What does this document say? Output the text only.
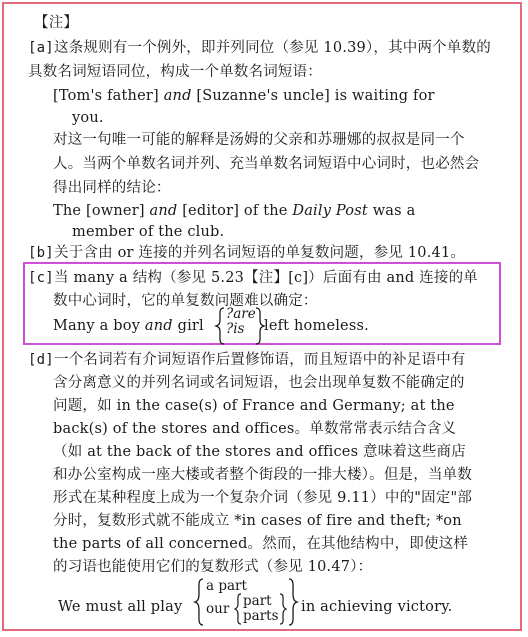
【注】
[a] 这条规则有一个例外，即并列同位（参见 10.39），其中两个单数的
具数名词短语同位，构成一个单数名词短语：
[Tom's father] and [Suzanne's uncle] is waiting for
you.
对这一句唯一可能的解释是汤姆的父亲和苏珊娜的叔叔是同一个
人。当两个单数名词并列、充当单数名词短语中心词时，也必然会
得出同样的结论：
The [owner] and [editor] of the Daily Post was a
member of the club.
[b] 关于含由 or 连接的并列名词短语的单复数问题，参见 10.41。
[c] 当 many a 结构（参见 5.23【注】[c]）后面有由 and 连接的单
数中心词时，它的单复数问题难以确定：
Many a boy and girl
?are
?is left homeless.
[d] 一个名词若有介词短语作后置修饰语，而且短语中的补足语中有
含分离意义的并列名词或名词短语，也会出现单复数不能确定的
问题，如 in the case(s) of France and Germany; at the
back(s) of the stores and offices。单数常常表示结合含义
（如 at the back of the stores and offices 意味着这些商店
和办公室构成一座大楼或者整个街段的一排大楼）。但是，当单数
形式在某种程度上成为一个复杂介词（参见 9.11）中的"固定"部
分时，复数形式就不能成立 *in cases of fire and theft; *on
the parts of all concerned。然而，在其他结构中，即使这样
的习语也能使用它们的复数形式（参见 10.47）：
We must all play
a part
our part
parts
in achieving victory.
